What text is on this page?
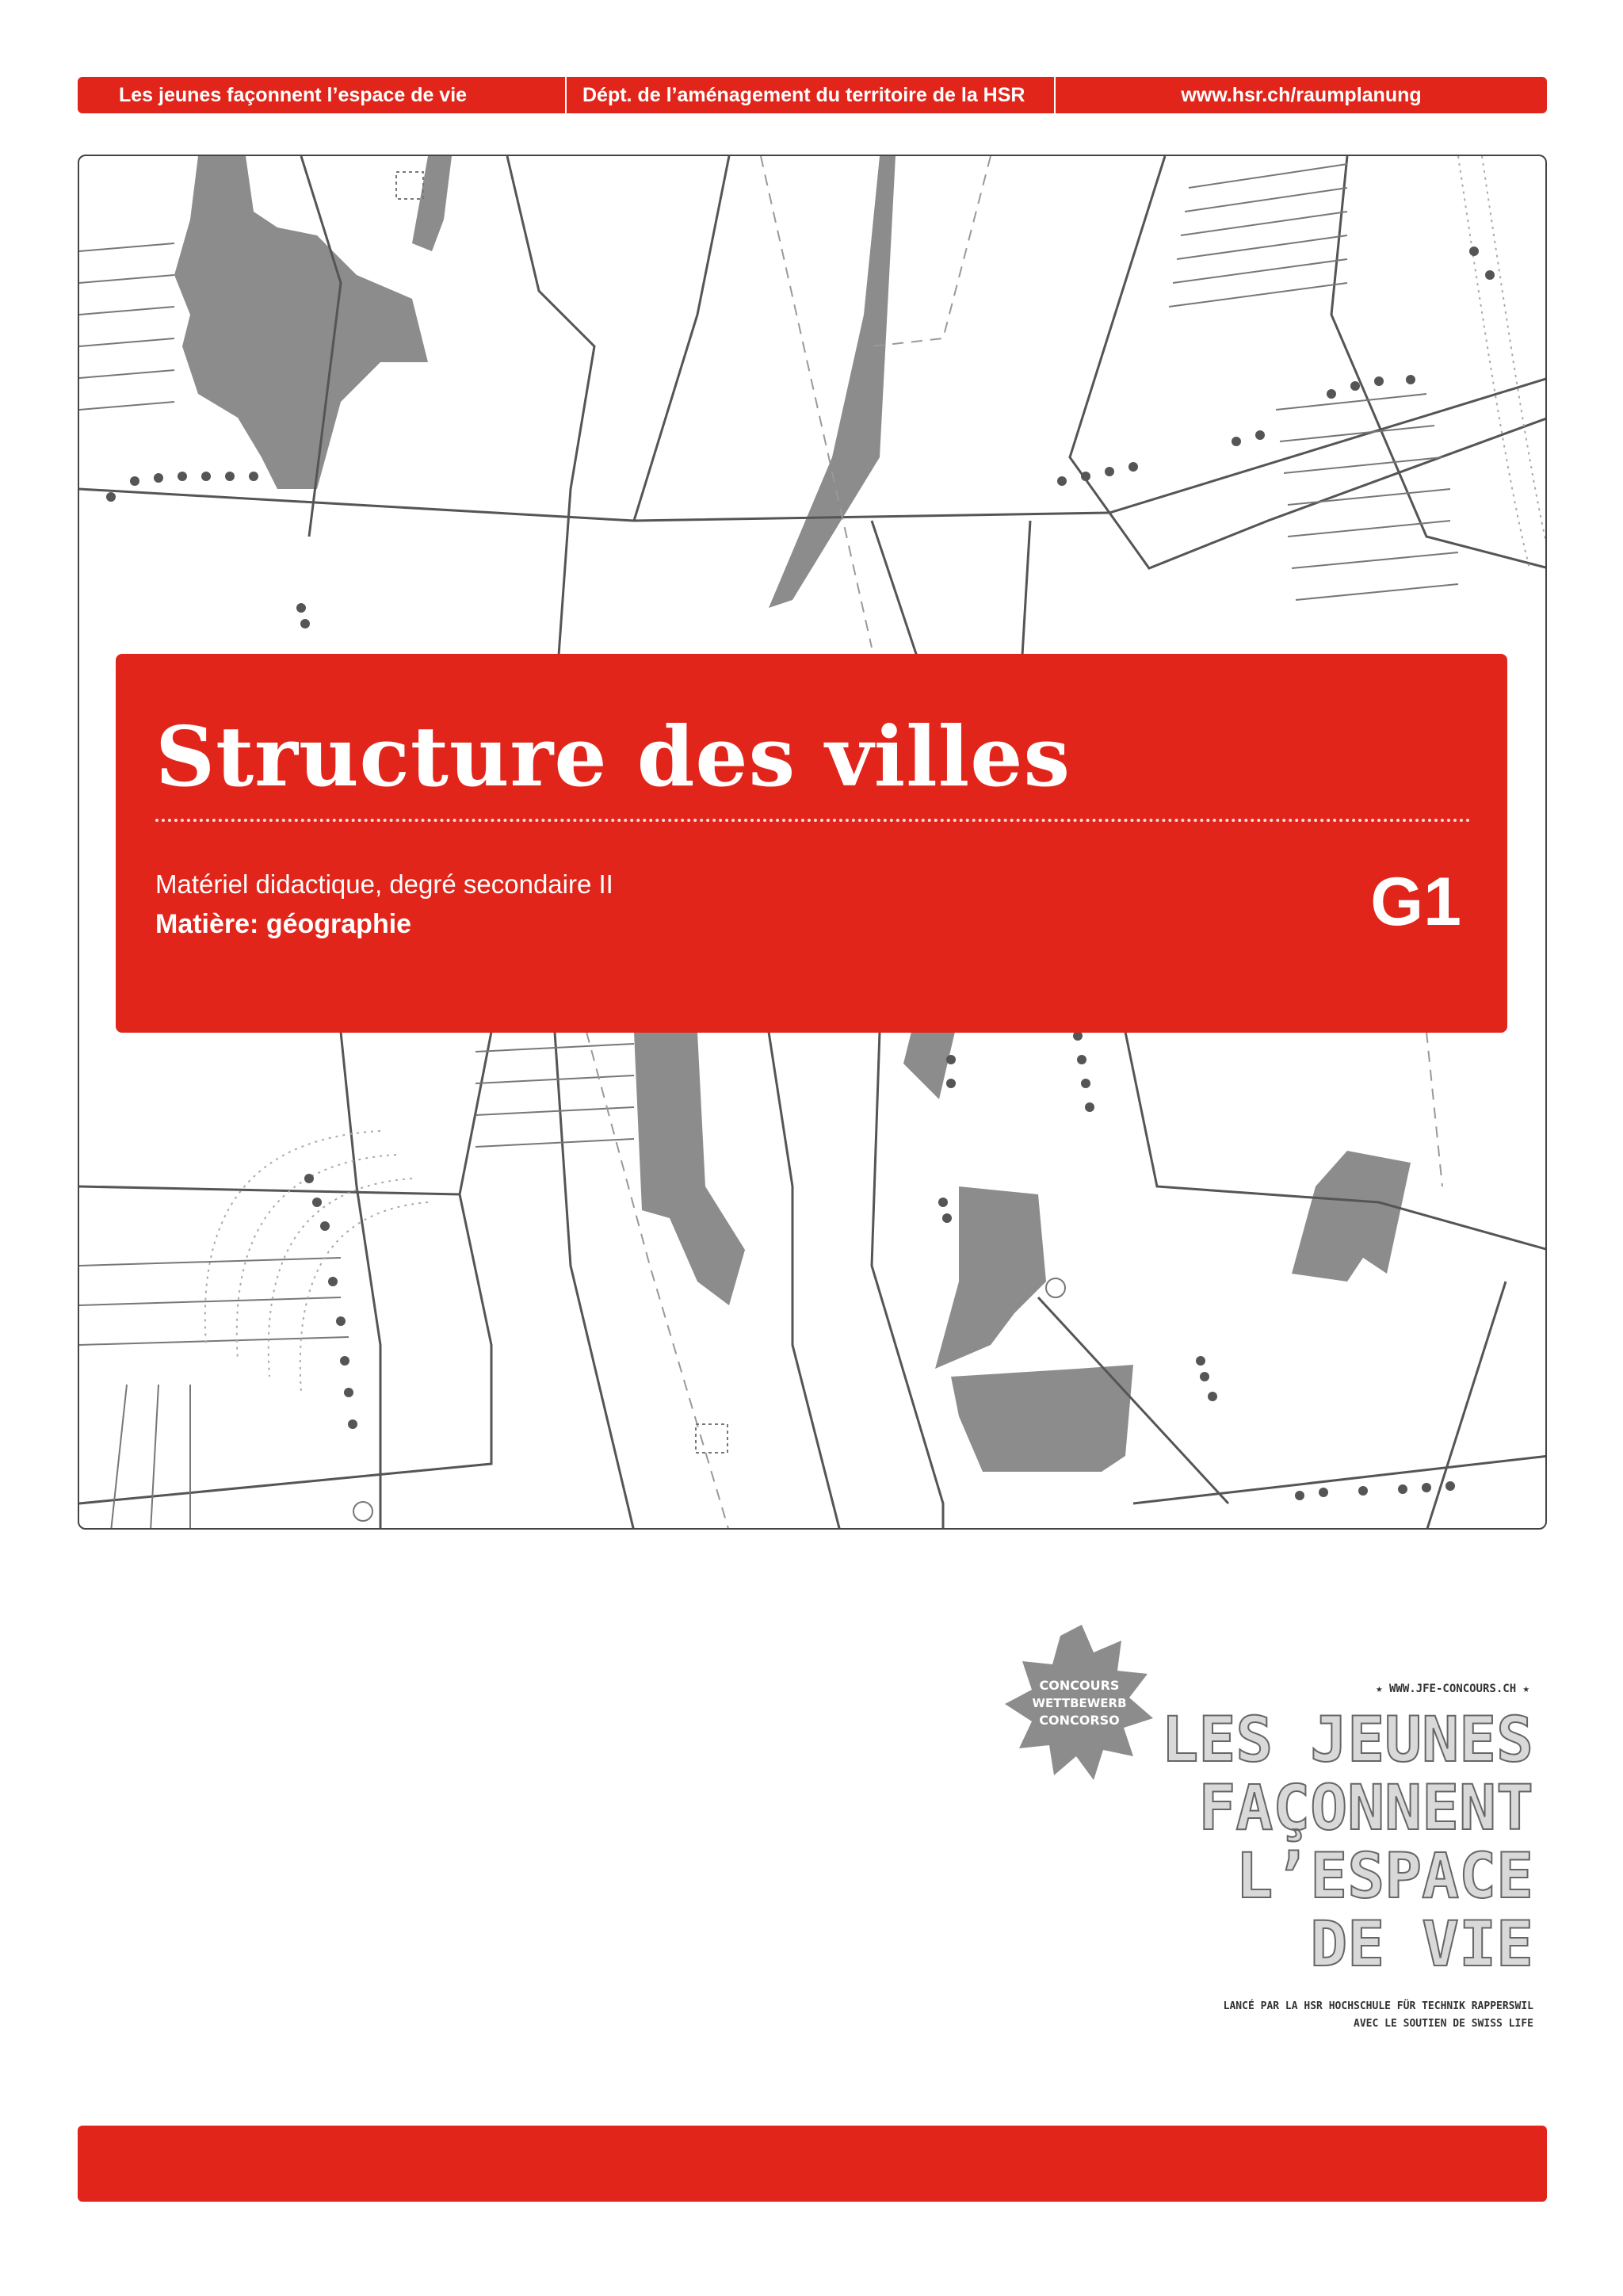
Les jeunes façonnent l’espace de vie	Dépt. de l’aménagement du territoire de la HSR	www.hsr.ch/raumplanung
Structure des villes
Matériel didactique, degré secondaire II
Matière: géographie	G1
CONCOURS
WETTBEWERB
CONCORSO
★ WWW.JFE-CONCOURS.CH ★
LES JEUNES
FAÇONNENT
L’ESPACE
DE VIE
LANCÉ PAR LA HSR HOCHSCHULE FÜR TECHNIK RAPPERSWIL
AVEC LE SOUTIEN DE SWISS LIFE
